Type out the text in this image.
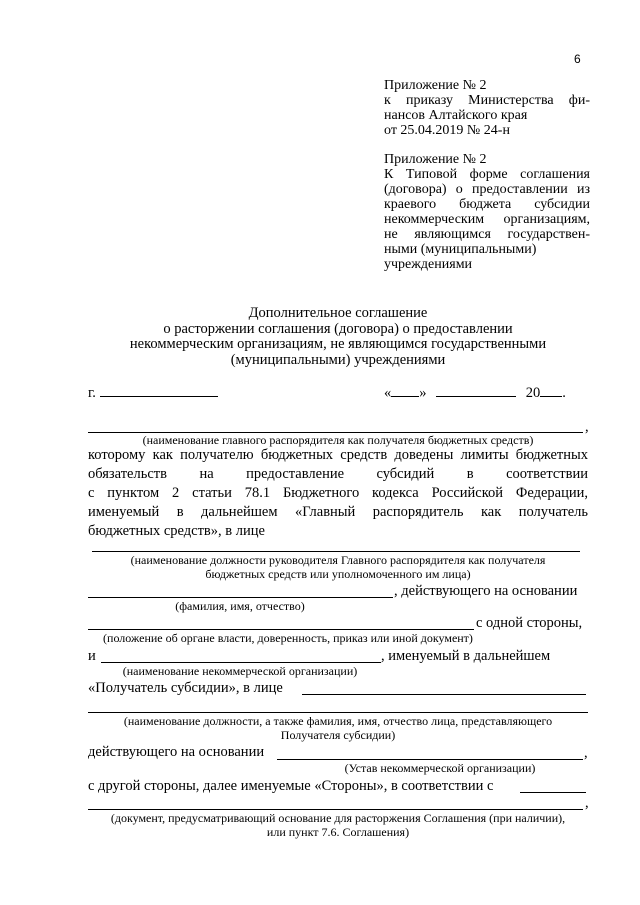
6
Приложение № 2
к приказу Министерства фи-
нансов Алтайского края
от 25.04.2019 № 24-н
Приложение № 2
К Типовой форме соглашения
(договора) о предоставлении из
краевого бюджета субсидии
некоммерческим организациям,
не являющимся государствен-
ными (муниципальными)
учреждениями
Дополнительное соглашение
о расторжении соглашения (договора) о предоставлении
некоммерческим организациям, не являющимся государственными
(муниципальными) учреждениями
г.	« »	20 .
,
(наименование главного распорядителя как получателя бюджетных средств)
которому как получателю бюджетных средств доведены лимиты бюджетных
обязательств на предоставление субсидий в соответствии
с пунктом 2 статьи 78.1 Бюджетного кодекса Российской Федерации,
именуемый в дальнейшем «Главный распорядитель как получатель
бюджетных средств», в лице
(наименование должности руководителя Главного распорядителя как получателя
бюджетных средств или уполномоченного им лица)
, действующего на основании
(фамилия, имя, отчество)
с одной стороны,
(положение об органе власти, доверенность, приказ или иной документ)
и	, именуемый в дальнейшем
(наименование некоммерческой организации)
«Получатель субсидии», в лице
(наименование должности, а также фамилия, имя, отчество лица, представляющего
Получателя субсидии)
действующего на основании	,
(Устав некоммерческой организации)
с другой стороны, далее именуемые «Стороны», в соответствии с
,
(документ, предусматривающий основание для расторжения Соглашения (при наличии),
или пункт 7.6. Соглашения)
